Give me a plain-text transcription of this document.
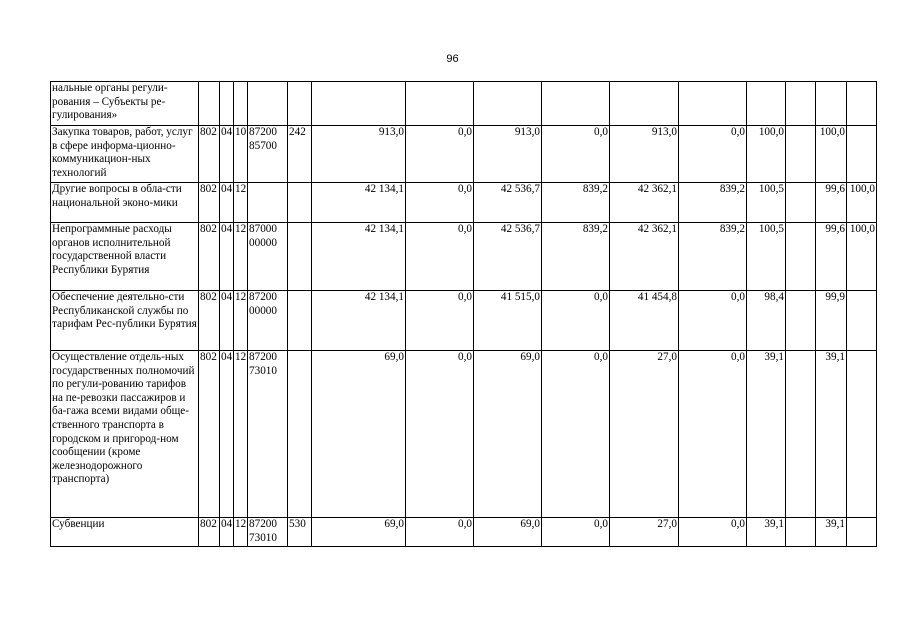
96
нальные органы регули-рования – Субъекты ре-гулирования»															
Закупка товаров, работ, услуг в сфере информа-ционно-коммуникацион-ных технологий	802	04	10	87200 85700	242	913,0	0,0	913,0	0,0	913,0	0,0	100,0		100,0	
Другие вопросы в обла-сти национальной эконо-мики	802	04	12			42 134,1	0,0	42 536,7	839,2	42 362,1	839,2	100,5		99,6	100,0
Непрограммные расходы органов исполнительной государственной власти Республики Бурятия	802	04	12	87000 00000		42 134,1	0,0	42 536,7	839,2	42 362,1	839,2	100,5		99,6	100,0
Обеспечение деятельно-сти Республиканской службы по тарифам Рес-публики Бурятия	802	04	12	87200 00000		42 134,1	0,0	41 515,0	0,0	41 454,8	0,0	98,4		99,9	
Осуществление отдель-ных государственных полномочий по регули-рованию тарифов на пе-ревозки пассажиров и ба-гажа всеми видами обще-ственного транспорта в городском и пригород-ном сообщении (кроме железнодорожного транспорта)	802	04	12	87200 73010		69,0	0,0	69,0	0,0	27,0	0,0	39,1		39,1	
Субвенции	802	04	12	87200 73010	530	69,0	0,0	69,0	0,0	27,0	0,0	39,1		39,1	
